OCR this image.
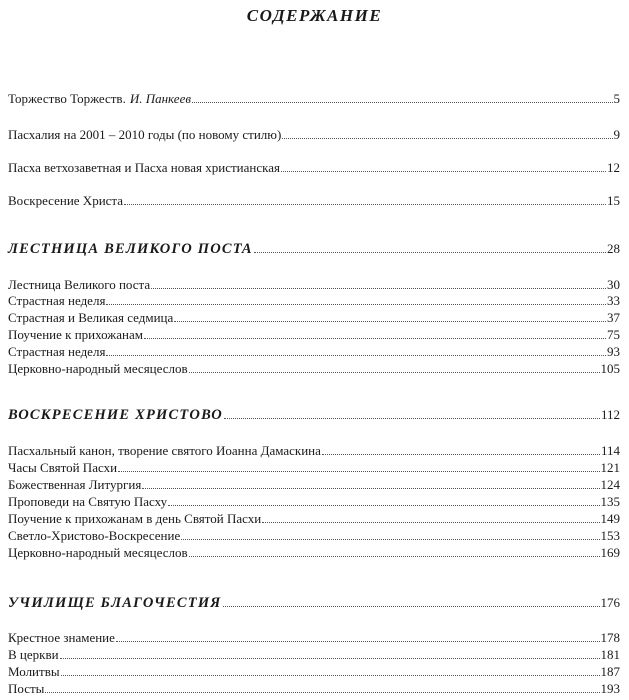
СОДЕРЖАНИЕ
Торжество Торжеств. И. Панкеев	5
Пасхалия на 2001 – 2010 годы (по новому стилю)	9
Пасха ветхозаветная и Пасха новая христианская	12
Воскресение Христа	15
ЛЕСТНИЦА ВЕЛИКОГО ПОСТА	28
Лестница Великого поста	30
Страстная неделя	33
Страстная и Великая седмица	37
Поучение к прихожанам	75
Страстная неделя	93
Церковно-народный месяцеслов	105
ВОСКРЕСЕНИЕ ХРИСТОВО	112
Пасхальный канон, творение святого Иоанна Дамаскина	114
Часы Святой Пасхи	121
Божественная Литургия	124
Проповеди на Святую Пасху	135
Поучение к прихожанам в день Святой Пасхи	149
Светло-Христово-Воскресение	153
Церковно-народный месяцеслов	169
УЧИЛИЩЕ БЛАГОЧЕСТИЯ	176
Крестное знамение	178
В церкви	181
Молитвы	187
Посты	193
